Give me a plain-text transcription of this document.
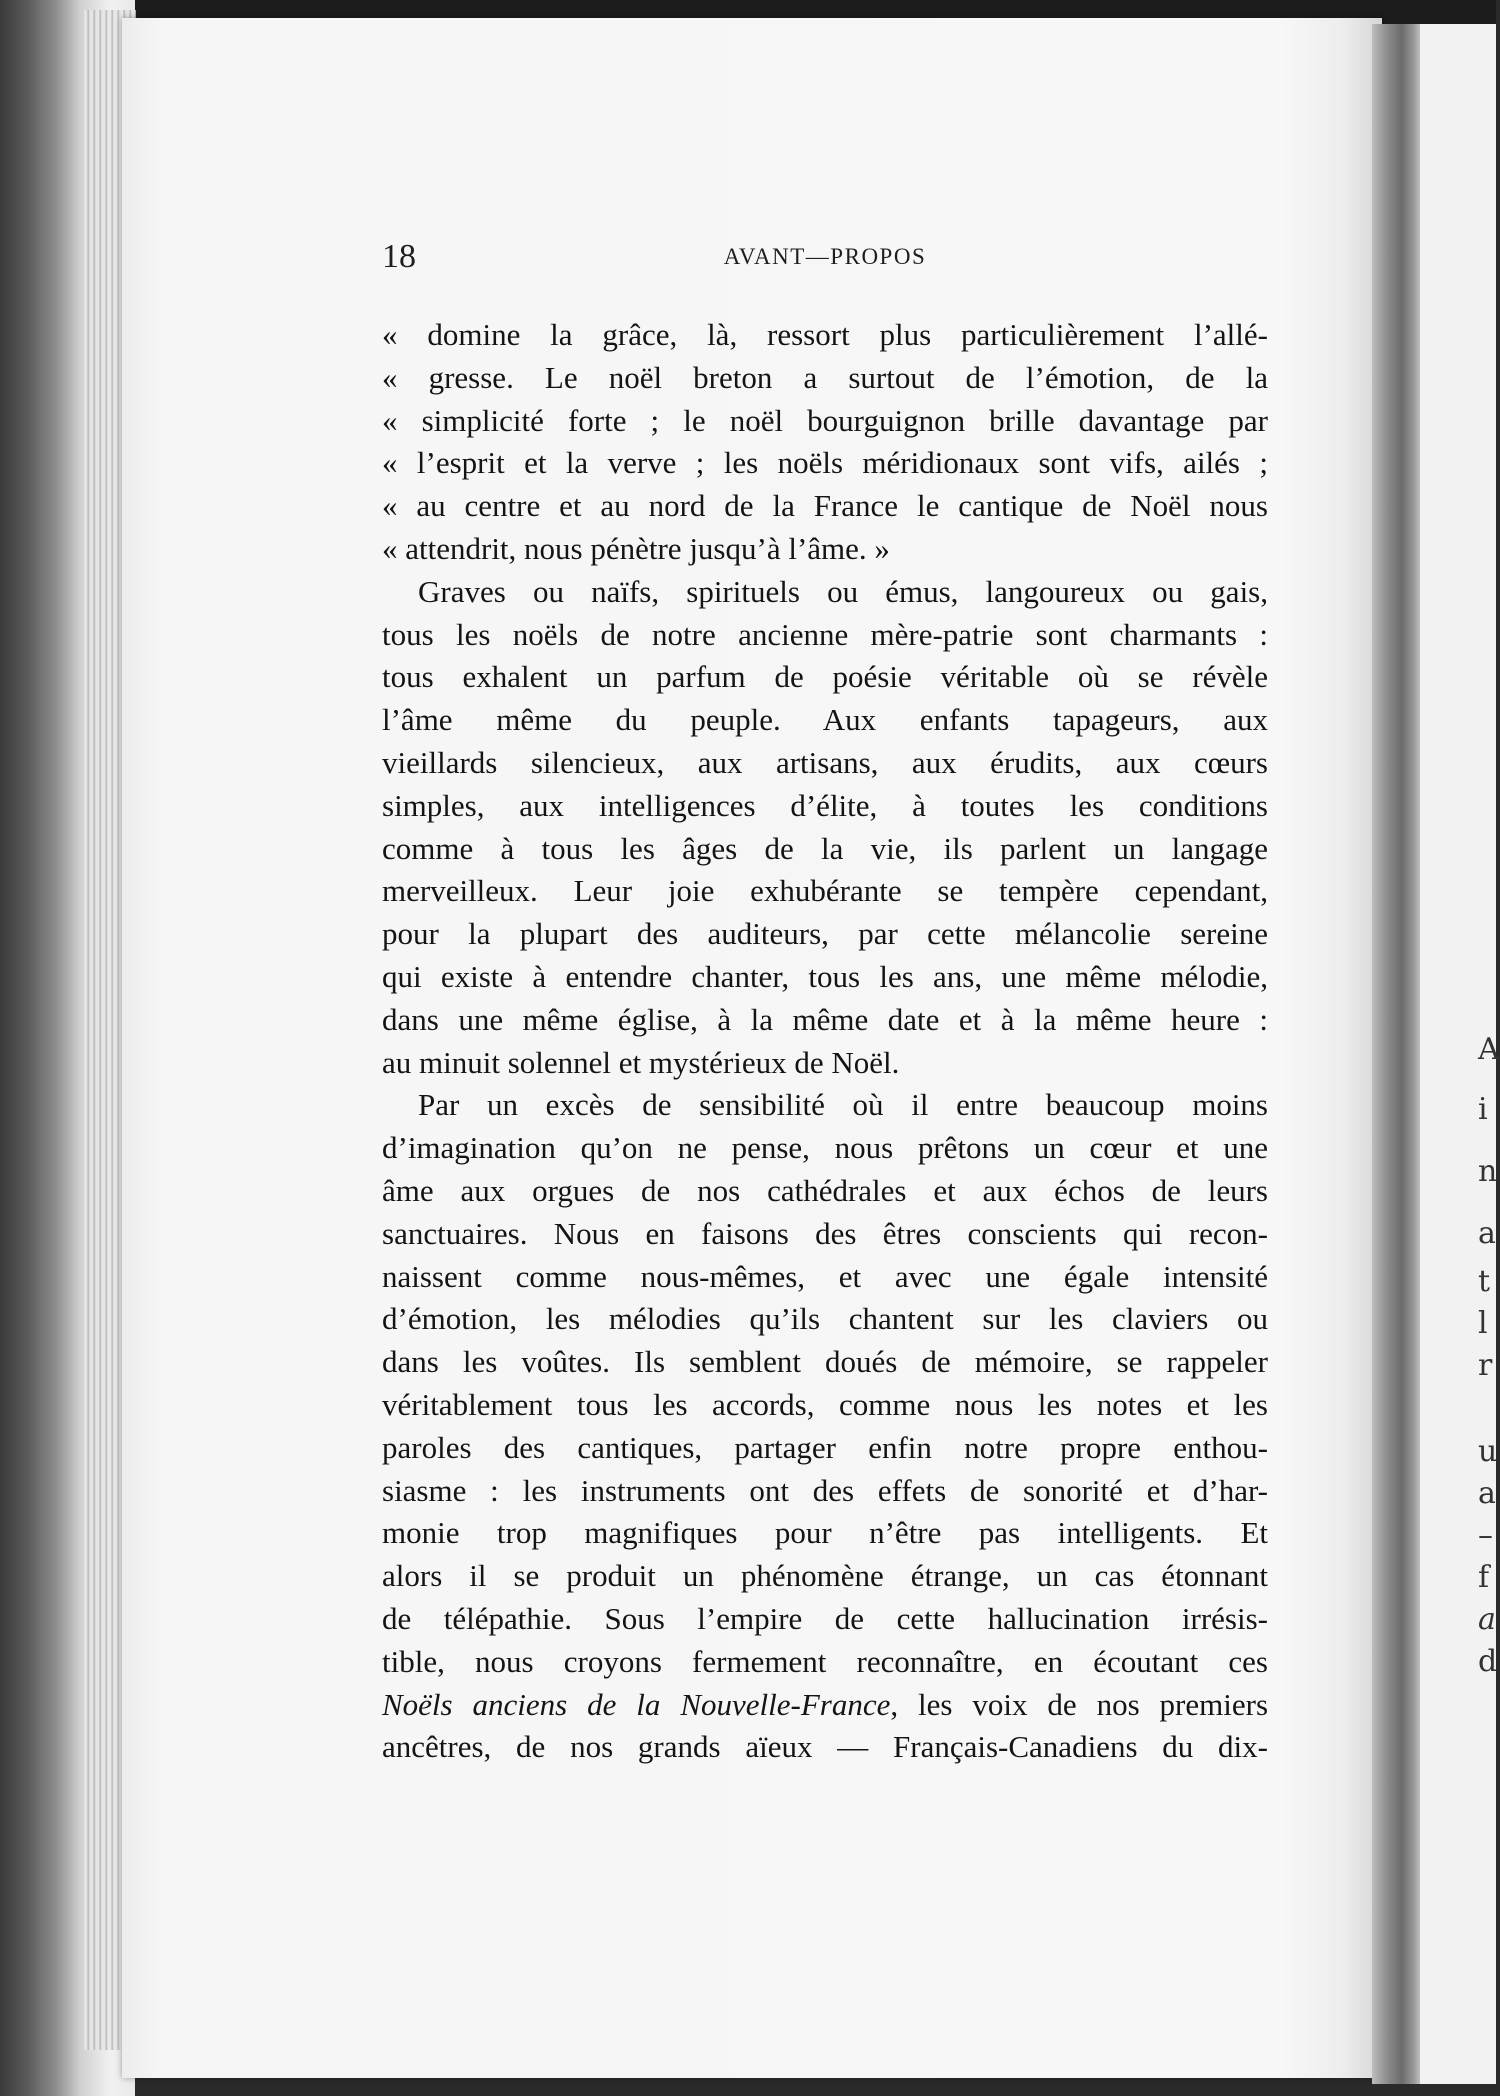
A
i
n
a
t
l
r
u
a
–
f
a
d
18	AVANT—PROPOS

« domine la grâce, là, ressort plus particulièrement l’allé-
« gresse. Le noël breton a surtout de l’émotion, de la
« simplicité forte ; le noël bourguignon brille davantage par
« l’esprit et la verve ; les noëls méridionaux sont vifs, ailés ;
« au centre et au nord de la France le cantique de Noël nous
« attendrit, nous pénètre jusqu’à l’âme. »

Graves ou naïfs, spirituels ou émus, langoureux ou gais,
tous les noëls de notre ancienne mère-patrie sont charmants :
tous exhalent un parfum de poésie véritable où se révèle
l’âme même du peuple. Aux enfants tapageurs, aux
vieillards silencieux, aux artisans, aux érudits, aux cœurs
simples, aux intelligences d’élite, à toutes les conditions
comme à tous les âges de la vie, ils parlent un langage
merveilleux. Leur joie exhubérante se tempère cependant,
pour la plupart des auditeurs, par cette mélancolie sereine
qui existe à entendre chanter, tous les ans, une même mélodie,
dans une même église, à la même date et à la même heure :
au minuit solennel et mystérieux de Noël.

Par un excès de sensibilité où il entre beaucoup moins
d’imagination qu’on ne pense, nous prêtons un cœur et une
âme aux orgues de nos cathédrales et aux échos de leurs
sanctuaires. Nous en faisons des êtres conscients qui recon-
naissent comme nous-mêmes, et avec une égale intensité
d’émotion, les mélodies qu’ils chantent sur les claviers ou
dans les voûtes. Ils semblent doués de mémoire, se rappeler
véritablement tous les accords, comme nous les notes et les
paroles des cantiques, partager enfin notre propre enthou-
siasme : les instruments ont des effets de sonorité et d’har-
monie trop magnifiques pour n’être pas intelligents. Et
alors il se produit un phénomène étrange, un cas étonnant
de télépathie. Sous l’empire de cette hallucination irrésis-
tible, nous croyons fermement reconnaître, en écoutant ces
Noëls anciens de la Nouvelle-France, les voix de nos premiers
ancêtres, de nos grands aïeux — Français-Canadiens du dix-
